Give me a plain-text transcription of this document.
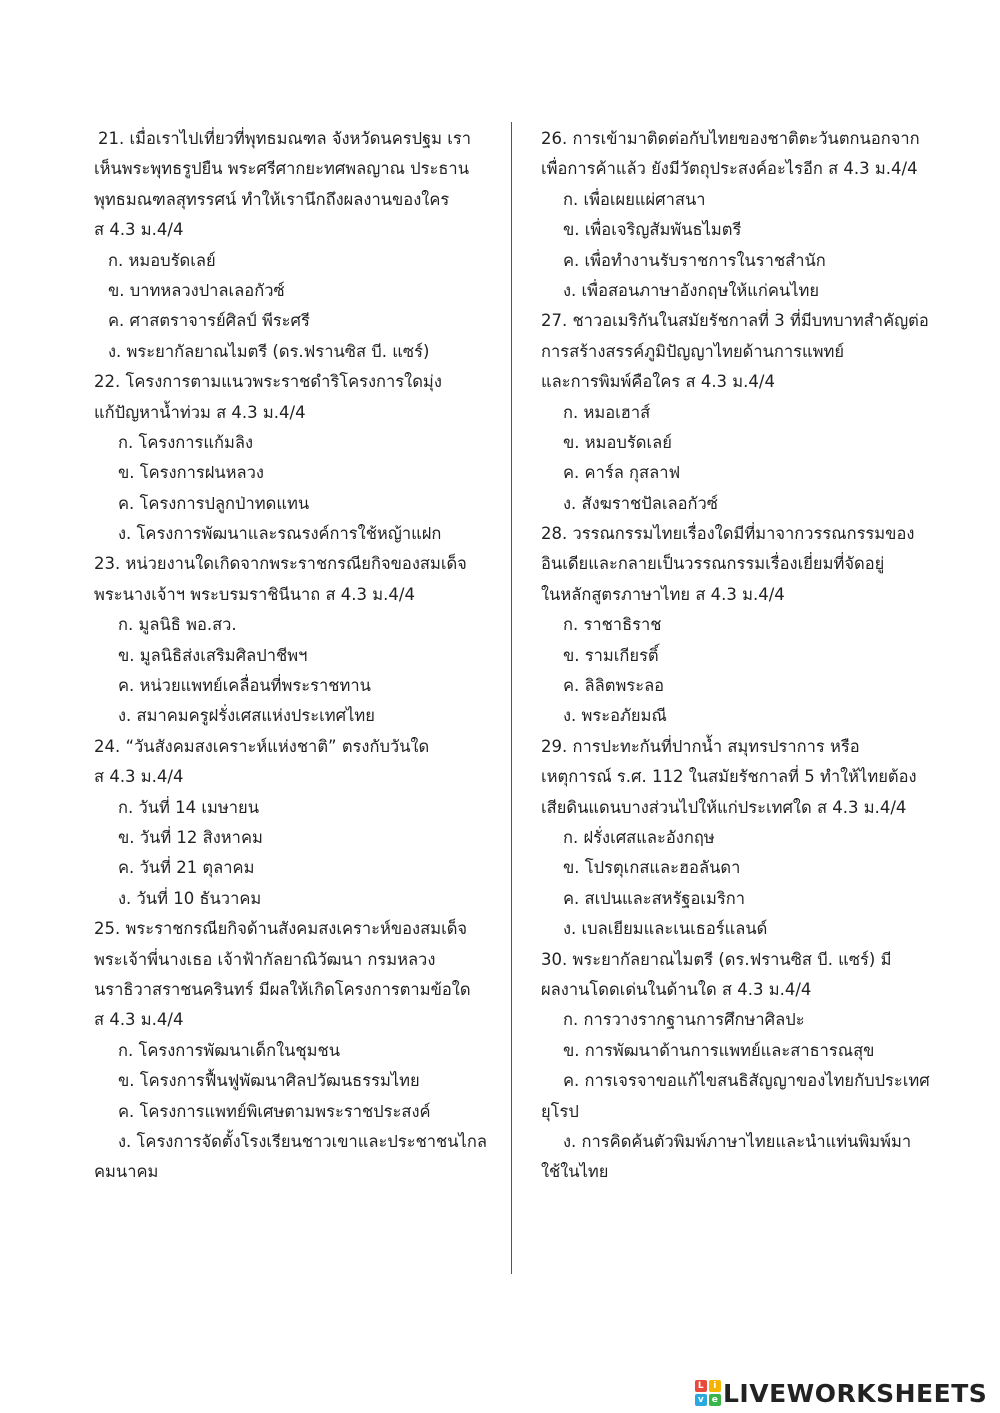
21. เมื่อเราไปเที่ยวที่พุทธมณฑล จังหวัดนครปฐม เรา
เห็นพระพุทธรูปยืน พระศรีศากยะทศพลญาณ ประธาน
พุทธมณฑลสุทรรศน์ ทำให้เรานึกถึงผลงานของใคร
ส 4.3 ม.4/4
ก. หมอบรัดเลย์
ข. บาทหลวงปาลเลอกัวซ์
ค. ศาสตราจารย์ศิลป์ พีระศรี
ง. พระยากัลยาณไมตรี (ดร.ฟรานซิส บี. แซร์)
22. โครงการตามแนวพระราชดำริโครงการใดมุ่ง
แก้ปัญหาน้ำท่วม ส 4.3 ม.4/4
ก. โครงการแก้มลิง
ข. โครงการฝนหลวง
ค. โครงการปลูกป่าทดแทน
ง. โครงการพัฒนาและรณรงค์การใช้หญ้าแฝก
23. หน่วยงานใดเกิดจากพระราชกรณียกิจของสมเด็จ
พระนางเจ้าฯ พระบรมราชินีนาถ ส 4.3 ม.4/4
ก. มูลนิธิ พอ.สว.
ข. มูลนิธิส่งเสริมศิลปาชีพฯ
ค. หน่วยแพทย์เคลื่อนที่พระราชทาน
ง. สมาคมครูฝรั่งเศสแห่งประเทศไทย
24. “วันสังคมสงเคราะห์แห่งชาติ” ตรงกับวันใด
ส 4.3 ม.4/4
ก. วันที่ 14 เมษายน
ข. วันที่ 12 สิงหาคม
ค. วันที่ 21 ตุลาคม
ง. วันที่ 10 ธันวาคม
25. พระราชกรณียกิจด้านสังคมสงเคราะห์ของสมเด็จ
พระเจ้าพี่นางเธอ เจ้าฟ้ากัลยาณิวัฒนา กรมหลวง
นราธิวาสราชนครินทร์ มีผลให้เกิดโครงการตามข้อใด
ส 4.3 ม.4/4
ก. โครงการพัฒนาเด็กในชุมชน
ข. โครงการฟื้นฟูพัฒนาศิลปวัฒนธรรมไทย
ค. โครงการแพทย์พิเศษตามพระราชประสงค์
ง. โครงการจัดตั้งโรงเรียนชาวเขาและประชาชนไกล
คมนาคม
26. การเข้ามาติดต่อกับไทยของชาติตะวันตกนอกจาก
เพื่อการค้าแล้ว ยังมีวัตถุประสงค์อะไรอีก ส 4.3 ม.4/4
ก. เพื่อเผยแผ่ศาสนา
ข. เพื่อเจริญสัมพันธไมตรี
ค. เพื่อทำงานรับราชการในราชสำนัก
ง. เพื่อสอนภาษาอังกฤษให้แก่คนไทย
27. ชาวอเมริกันในสมัยรัชกาลที่ 3 ที่มีบทบาทสำคัญต่อ
การสร้างสรรค์ภูมิปัญญาไทยด้านการแพทย์
และการพิมพ์คือใคร ส 4.3 ม.4/4
ก. หมอเฮาส์
ข. หมอบรัดเลย์
ค. คาร์ล กุสลาฟ
ง. สังฆราชปัลเลอกัวซ์
28. วรรณกรรมไทยเรื่องใดมีที่มาจากวรรณกรรมของ
อินเดียและกลายเป็นวรรณกรรมเรื่องเยี่ยมที่จัดอยู่
ในหลักสูตรภาษาไทย ส 4.3 ม.4/4
ก. ราชาธิราช
ข. รามเกียรติ์
ค. ลิลิตพระลอ
ง. พระอภัยมณี
29. การปะทะกันที่ปากน้ำ สมุทรปราการ หรือ
เหตุการณ์ ร.ศ. 112 ในสมัยรัชกาลที่ 5 ทำให้ไทยต้อง
เสียดินแดนบางส่วนไปให้แก่ประเทศใด ส 4.3 ม.4/4
ก. ฝรั่งเศสและอังกฤษ
ข. โปรตุเกสและฮอลันดา
ค. สเปนและสหรัฐอเมริกา
ง. เบลเยียมและเนเธอร์แลนด์
30. พระยากัลยาณไมตรี (ดร.ฟรานซิส บี. แซร์) มี
ผลงานโดดเด่นในด้านใด ส 4.3 ม.4/4
ก. การวางรากฐานการศึกษาศิลปะ
ข. การพัฒนาด้านการแพทย์และสาธารณสุข
ค. การเจรจาขอแก้ไขสนธิสัญญาของไทยกับประเทศ
ยุโรป
ง. การคิดค้นตัวพิมพ์ภาษาไทยและนำแท่นพิมพ์มา
ใช้ในไทย
L	i
v e LIVEWORKSHEETS
